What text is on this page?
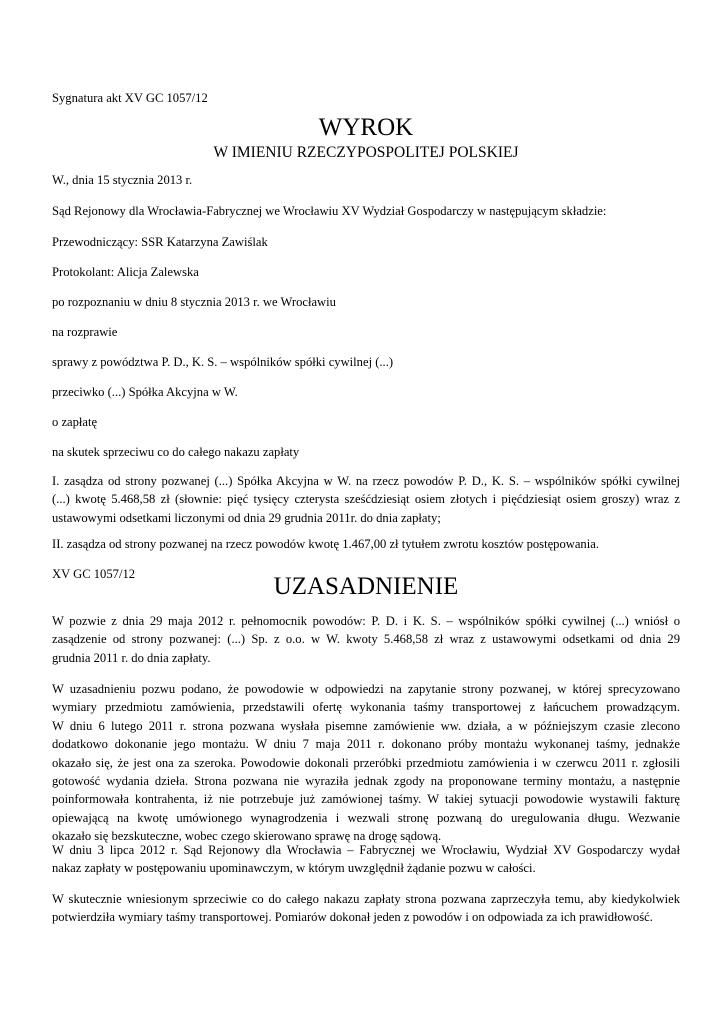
Sygnatura akt XV GC 1057/12
WYROK
W IMIENIU RZECZYPOSPOLITEJ POLSKIEJ
W., dnia 15 stycznia 2013 r.
Sąd Rejonowy dla Wrocławia-Fabrycznej we Wrocławiu XV Wydział Gospodarczy w następującym składzie:
Przewodniczący: SSR Katarzyna Zawiślak
Protokolant: Alicja Zalewska
po rozpoznaniu w dniu 8 stycznia 2013 r. we Wrocławiu
na rozprawie
sprawy z powództwa P. D., K. S. – wspólników spółki cywilnej (...)
przeciwko (...) Spółka Akcyjna w W.
o zapłatę
na skutek sprzeciwu co do całego nakazu zapłaty
I. zasądza od strony pozwanej (...) Spółka Akcyjna w W. na rzecz powodów P. D., K. S. – wspólników spółki cywilnej
(...) kwotę 5.468,58 zł (słownie: pięć tysięcy czterysta sześćdziesiąt osiem złotych i pięćdziesiąt osiem groszy) wraz z
ustawowymi odsetkami liczonymi od dnia 29 grudnia 2011r. do dnia zapłaty;
II. zasądza od strony pozwanej na rzecz powodów kwotę 1.467,00 zł tytułem zwrotu kosztów postępowania.
XV GC 1057/12	UZASADNIENIE
W pozwie z dnia 29 maja 2012 r. pełnomocnik powodów: P. D. i K. S. – wspólników spółki cywilnej (...) wniósł o
zasądzenie od strony pozwanej: (...) Sp. z o.o. w W. kwoty 5.468,58 zł wraz z ustawowymi odsetkami od dnia 29
grudnia 2011 r. do dnia zapłaty.
W uzasadnieniu pozwu podano, że powodowie w odpowiedzi na zapytanie strony pozwanej, w której sprecyzowano
wymiary przedmiotu zamówienia, przedstawili ofertę wykonania taśmy transportowej z łańcuchem prowadzącym.
W dniu 6 lutego 2011 r. strona pozwana wysłała pisemne zamówienie ww. działa, a w późniejszym czasie zlecono
dodatkowo dokonanie jego montażu. W dniu 7 maja 2011 r. dokonano próby montażu wykonanej taśmy, jednakże
okazało się, że jest ona za szeroka. Powodowie dokonali przeróbki przedmiotu zamówienia i w czerwcu 2011 r. zgłosili
gotowość wydania dzieła. Strona pozwana nie wyraziła jednak zgody na proponowane terminy montażu, a następnie
poinformowała kontrahenta, iż nie potrzebuje już zamówionej taśmy. W takiej sytuacji powodowie wystawili fakturę
opiewającą na kwotę umówionego wynagrodzenia i wezwali stronę pozwaną do uregulowania długu. Wezwanie
okazało się bezskuteczne, wobec czego skierowano sprawę na drogę sądową.
W dniu 3 lipca 2012 r. Sąd Rejonowy dla Wrocławia – Fabrycznej we Wrocławiu, Wydział XV Gospodarczy wydał
nakaz zapłaty w postępowaniu upominawczym, w którym uwzględnił żądanie pozwu w całości.
W skutecznie wniesionym sprzeciwie co do całego nakazu zapłaty strona pozwana zaprzeczyła temu, aby kiedykolwiek
potwierdziła wymiary taśmy transportowej. Pomiarów dokonał jeden z powodów i on odpowiada za ich prawidłowość.
